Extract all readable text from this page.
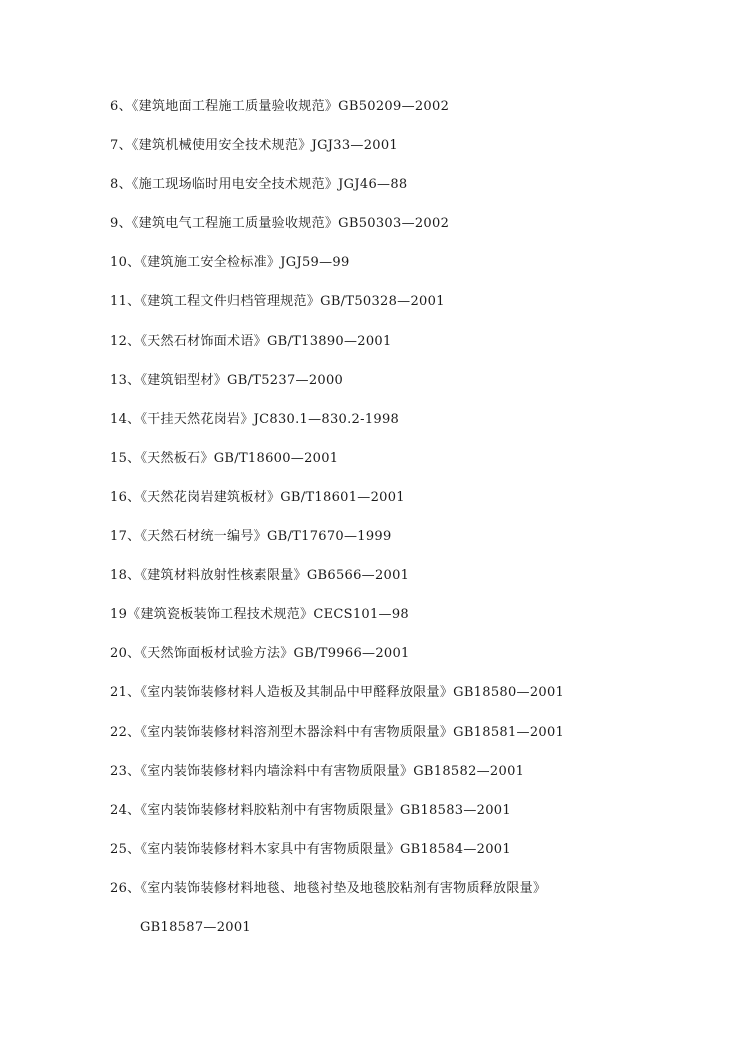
6、《建筑地面工程施工质量验收规范》GB50209—2002
7、《建筑机械使用安全技术规范》JGJ33—2001
8、《施工现场临时用电安全技术规范》JGJ46—88
9、《建筑电气工程施工质量验收规范》GB50303—2002
10、《建筑施工安全检标准》JGJ59—99
11、《建筑工程文件归档管理规范》GB/T50328—2001
12、《天然石材饰面术语》GB/T13890—2001
13、《建筑铝型材》GB/T5237—2000
14、《干挂天然花岗岩》JC830.1—830.2-1998
15、《天然板石》GB/T18600—2001
16、《天然花岗岩建筑板材》GB/T18601—2001
17、《天然石材统一编号》GB/T17670—1999
18、《建筑材料放射性核素限量》GB6566—2001
19《建筑瓷板装饰工程技术规范》CECS101—98
20、《天然饰面板材试验方法》GB/T9966—2001
21、《室内装饰装修材料人造板及其制品中甲醛释放限量》GB18580—2001
22、《室内装饰装修材料溶剂型木器涂料中有害物质限量》GB18581—2001
23、《室内装饰装修材料内墙涂料中有害物质限量》GB18582—2001
24、《室内装饰装修材料胶粘剂中有害物质限量》GB18583—2001
25、《室内装饰装修材料木家具中有害物质限量》GB18584—2001
26、《室内装饰装修材料地毯、地毯衬垫及地毯胶粘剂有害物质释放限量》
GB18587—2001
